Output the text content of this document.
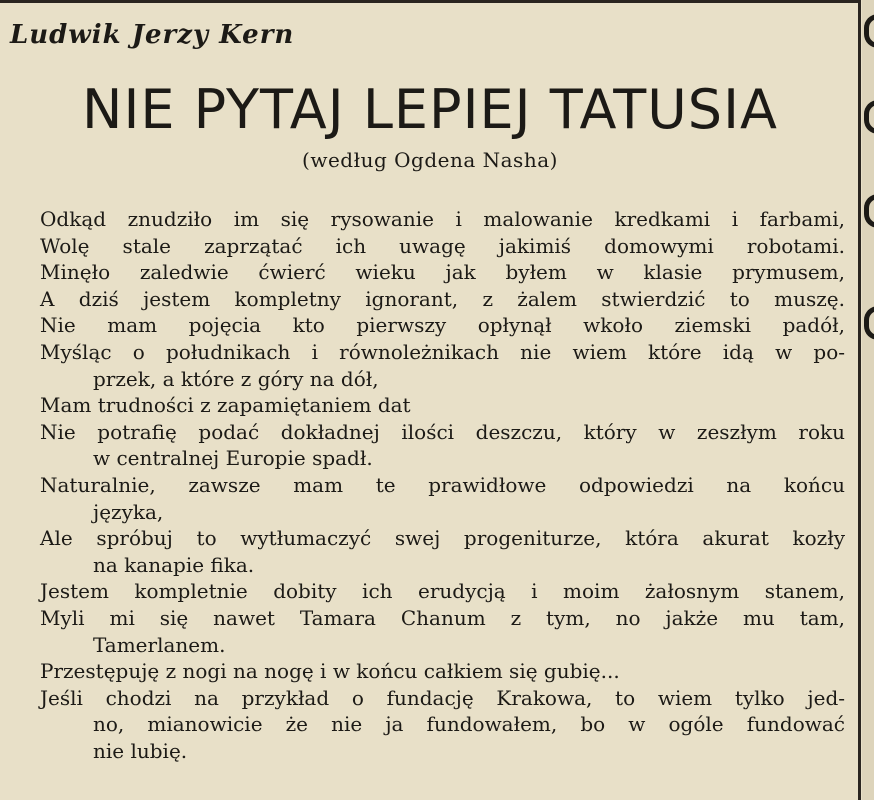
Ludwik Jerzy Kern
NIE PYTAJ LEPIEJ TATUSIA
(według Ogdena Nasha)
Odkąd znudziło im się rysowanie i malowanie kredkami i farbami,
Wolę stale zaprzątać ich uwagę jakimiś domowymi robotami.
Minęło zaledwie ćwierć wieku jak byłem w klasie prymusem,
A dziś jestem kompletny ignorant, z żalem stwierdzić to muszę.
Nie mam pojęcia kto pierwszy opłynął wkoło ziemski padół,
Myśląc o południkach i równoleżnikach nie wiem które idą w po-
przek, a które z góry na dół,
Mam trudności z zapamiętaniem dat
Nie potrafię podać dokładnej ilości deszczu, który w zeszłym roku
w centralnej Europie spadł.
Naturalnie, zawsze mam te prawidłowe odpowiedzi na końcu
języka,
Ale spróbuj to wytłumaczyć swej progeniturze, która akurat kozły
na kanapie fika.
Jestem kompletnie dobity ich erudycją i moim żałosnym stanem,
Myli mi się nawet Tamara Chanum z tym, no jakże mu tam,
Tamerlanem.
Przestępuję z nogi na nogę i w końcu całkiem się gubię...
Jeśli chodzi na przykład o fundację Krakowa, to wiem tylko jed-
no, mianowicie że nie ja fundowałem, bo w ogóle fundować
nie lubię.
